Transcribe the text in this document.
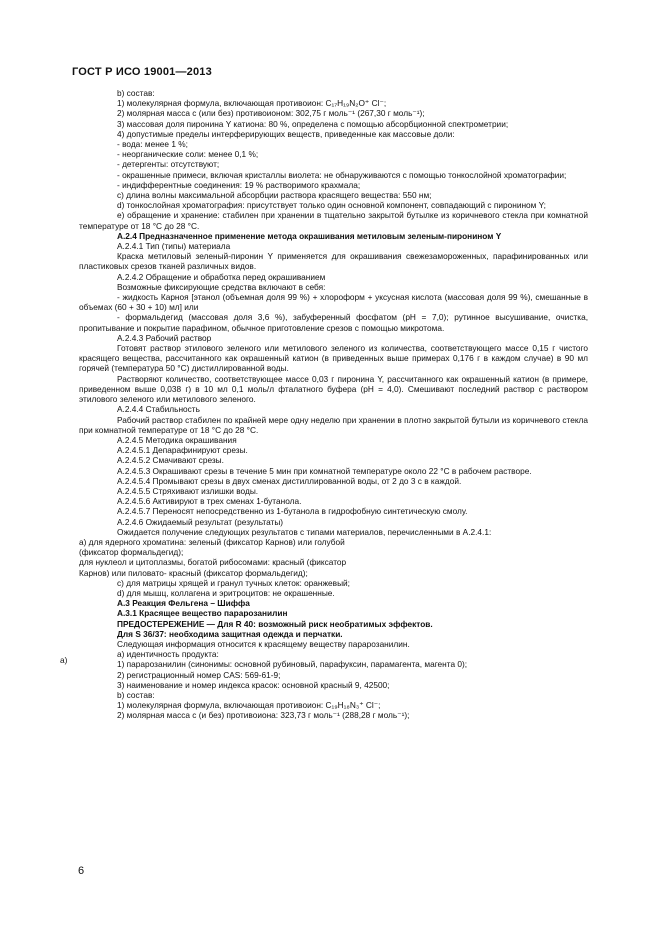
ГОСТ Р ИСО 19001—2013
a)

b) состав:

1) молекулярная формула, включающая противоион: C₁₇H₁₉N₂O⁺ Cl⁻;

2) молярная масса с (или без) противоионом: 302,75 г моль⁻¹ (267,30 г моль⁻¹);

3) массовая доля пиронина Y катиона: 80 %, определена с помощью абсорбционной спектрометрии;

4) допустимые пределы интерферирующих веществ, приведенные как массовые доли:

- вода: менее 1 %;

- неорганические соли: менее 0,1 %;

- детергенты: отсутствуют;

- окрашенные примеси, включая кристаллы виолета: не обнаруживаются с помощью тонкослойной хроматографии;

- индифферентные соединения: 19 % растворимого крахмала;

c) длина волны максимальной абсорбции раствора красящего вещества: 550 нм;

d) тонкослойная хроматография: присутствует только один основной компонент, совпадающий с пиронином Y;

e) обращение и хранение: стабилен при хранении в тщательно закрытой бутылке из коричневого стекла при комнатной температуре от 18 °C до 28 °C.

А.2.4 Предназначенное применение метода окрашивания метиловым зеленым-пиронином Y

А.2.4.1 Тип (типы) материала

Краска метиловый зеленый-пиронин Y применяется для окрашивания свежезамороженных, парафинированных или пластиковых срезов тканей различных видов.

А.2.4.2 Обращение и обработка перед окрашиванием

Возможные фиксирующие средства включают в себя:

- жидкость Карноя [этанол (объемная доля 99 %) + хлороформ + уксусная кислота (массовая доля 99 %), смешанные в объемах (60 + 30 + 10) мл] или

- формальдегид (массовая доля 3,6 %), забуференный фосфатом (pH = 7,0); рутинное высушивание, очистка, пропитывание и покрытие парафином, обычное приготовление срезов с помощью микротома.

А.2.4.3 Рабочий раствор

Готовят раствор этилового зеленого или метилового зеленого из количества, соответствующего массе 0,15 г чистого красящего вещества, рассчитанного как окрашенный катион (в приведенных выше примерах 0,176 г в каждом случае) в 90 мл горячей (температура 50 °C) дистиллированной воды.

Растворяют количество, соответствующее массе 0,03 г пиронина Y, рассчитанного как окрашенный катион (в примере, приведенном выше 0,038 г) в 10 мл 0,1 моль/л фталатного буфера (pH = 4,0). Смешивают последний раствор с раствором этилового зеленого или метилового зеленого.

А.2.4.4 Стабильность

Рабочий раствор стабилен по крайней мере одну неделю при хранении в плотно закрытой бутыли из коричневого стекла при комнатной температуре от 18 °C до 28 °C.

А.2.4.5 Методика окрашивания

А.2.4.5.1 Депарафинируют срезы.

А.2.4.5.2 Смачивают срезы.

А.2.4.5.3 Окрашивают срезы в течение 5 мин при комнатной температуре около 22 °C в рабочем растворе.

А.2.4.5.4 Промывают срезы в двух сменах дистиллированной воды, от 2 до 3 с в каждой.

А.2.4.5.5 Стряхивают излишки воды.

А.2.4.5.6 Активируют в трех сменах 1-бутанола.

А.2.4.5.7 Переносят непосредственно из 1-бутанола в гидрофобную синтетическую смолу.

А.2.4.6 Ожидаемый результат (результаты)

Ожидается получение следующих результатов с типами материалов, перечисленными в А.2.4.1:

а) для ядерного хроматина: зеленый (фиксатор Карнов) или голубой

(фиксатор формальдегид);

для нуклеол и цитоплазмы, богатой рибосомами: красный (фиксатор

Карнов) или пиловато- красный (фиксатор формальдегид);

с) для матрицы хрящей и гранул тучных клеток: оранжевый;

d) для мышц, коллагена и эритроцитов: не окрашенные.

А.3 Реакция Фельгена – Шиффа

А.3.1 Красящее вещество парарозанилин

ПРЕДОСТЕРЕЖЕНИЕ — Для R 40: возможный риск необратимых эффектов.

Для S 36/37: необходима защитная одежда и перчатки.

Следующая информация относится к красящему веществу парарозанилин.

а) идентичность продукта:

1) парарозанилин (синонимы: основной рубиновый, парафуксин, парамагента, магента 0);

2) регистрационный номер CAS: 569-61-9;

3) наименование и номер индекса красок: основной красный 9, 42500;

b) состав:

1) молекулярная формула, включающая противоион: C₁₉H₁₈N₃⁺ Cl⁻;

2) молярная масса с (и без) противоиона: 323,73 г моль⁻¹ (288,28 г моль⁻¹);

6
